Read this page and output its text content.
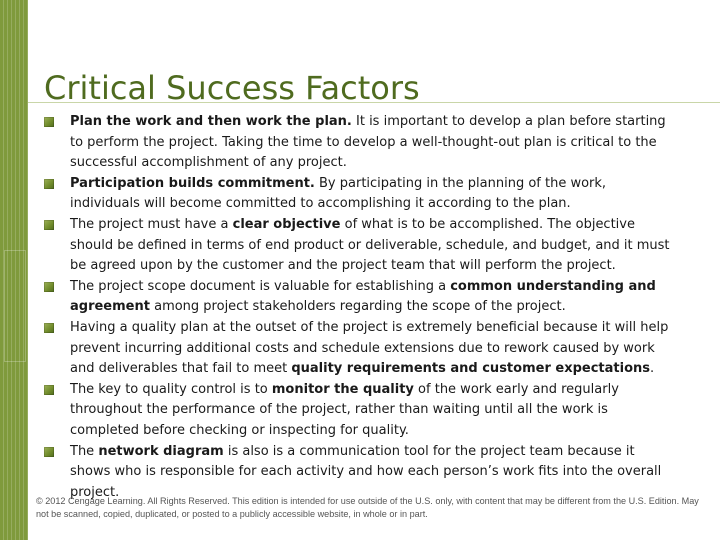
Critical Success Factors
Plan the work and then work the plan. It is important to develop a plan before starting to perform the project. Taking the time to develop a well-thought-out plan is critical to the successful accomplishment of any project.
Participation builds commitment. By participating in the planning of the work, individuals will become committed to accomplishing it according to the plan.
The project must have a clear objective of what is to be accomplished. The objective should be defined in terms of end product or deliverable, schedule, and budget, and it must be agreed upon by the customer and the project team that will perform the project.
The project scope document is valuable for establishing a common understanding and agreement among project stakeholders regarding the scope of the project.
Having a quality plan at the outset of the project is extremely beneficial because it will help prevent incurring additional costs and schedule extensions due to rework caused by work and deliverables that fail to meet quality requirements and customer expectations.
The key to quality control is to monitor the quality of the work early and regularly throughout the performance of the project, rather than waiting until all the work is completed before checking or inspecting for quality.
The network diagram is also is a communication tool for the project team because it shows who is responsible for each activity and how each person’s work fits into the overall project.
© 2012 Cengage Learning. All Rights Reserved. This edition is intended for use outside of the U.S. only, with content that may be different from the U.S. Edition. May not be scanned, copied, duplicated, or posted to a publicly accessible website, in whole or in part.
